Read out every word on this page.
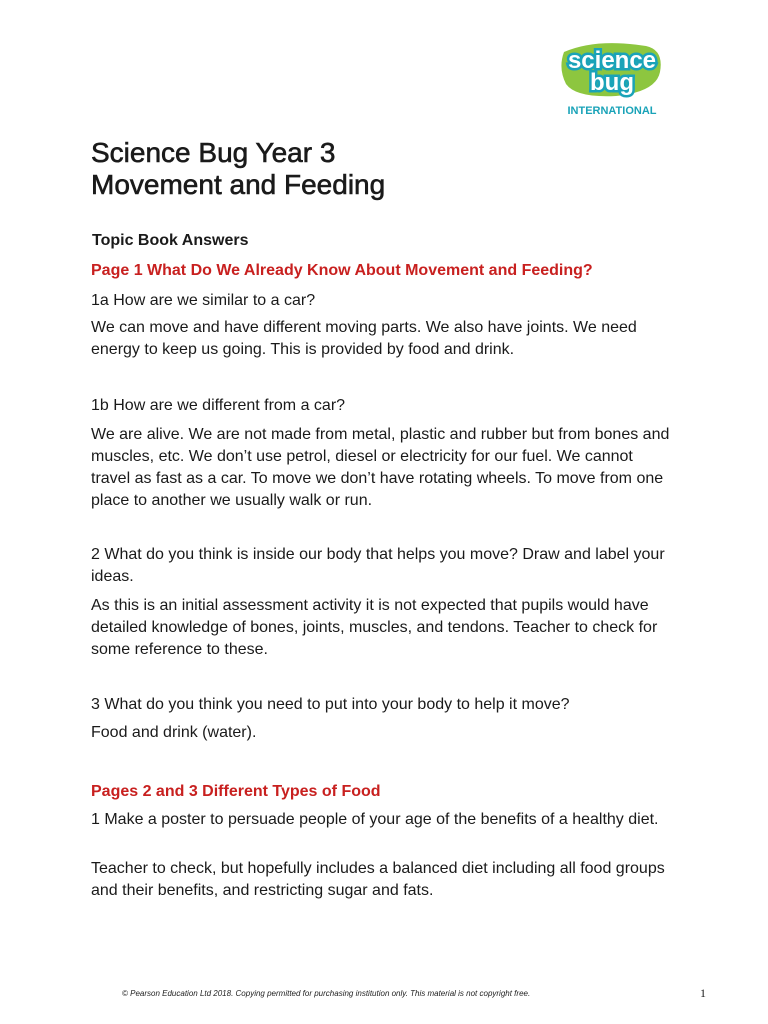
science
bug
INTERNATIONAL
Science Bug Year 3
Movement and Feeding
Topic Book Answers
Page 1 What Do We Already Know About Movement and Feeding?
1a How are we similar to a car?
We can move and have different moving parts. We also have joints. We need energy to keep us going. This is provided by food and drink.
1b How are we different from a car?
We are alive. We are not made from metal, plastic and rubber but from bones and muscles, etc. We don’t use petrol, diesel or electricity for our fuel. We cannot travel as fast as a car. To move we don’t have rotating wheels. To move from one place to another we usually walk or run.
2 What do you think is inside our body that helps you move? Draw and label your ideas.
As this is an initial assessment activity it is not expected that pupils would have detailed knowledge of bones, joints, muscles, and tendons. Teacher to check for some reference to these.
3 What do you think you need to put into your body to help it move?
Food and drink (water).
Pages 2 and 3 Different Types of Food
1 Make a poster to persuade people of your age of the benefits of a healthy diet.
Teacher to check, but hopefully includes a balanced diet including all food groups and their benefits, and restricting sugar and fats.
© Pearson Education Ltd 2018. Copying permitted for purchasing institution only. This material is not copyright free.	1
